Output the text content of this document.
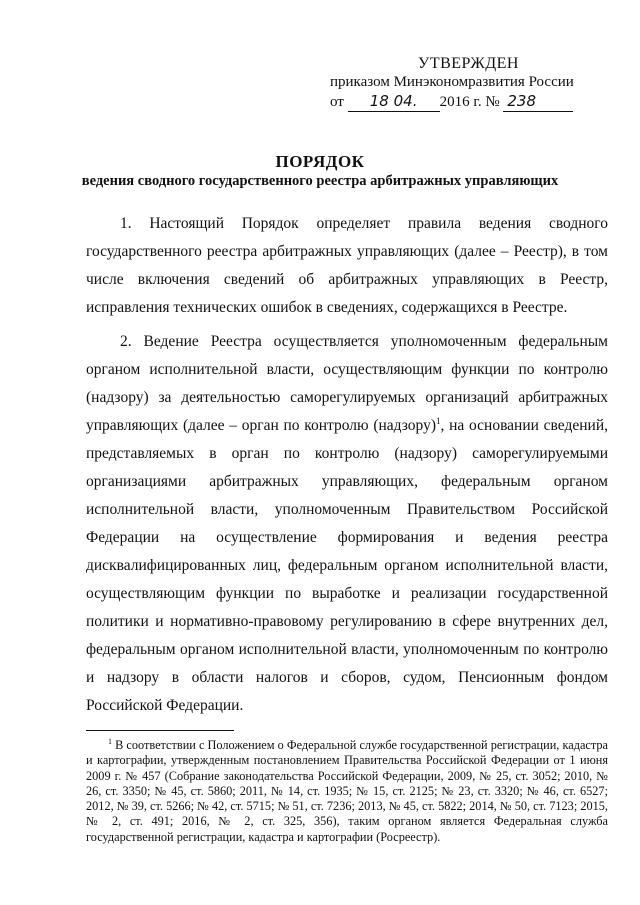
УТВЕРЖДЕН
приказом Минэкономразвития России
от 18 04. 2016 г. № 238
ПОРЯДОК
ведения сводного государственного реестра арбитражных управляющих

1. Настоящий Порядок определяет правила ведения сводного государственного реестра арбитражных управляющих (далее – Реестр), в том числе включения сведений об арбитражных управляющих в Реестр, исправления технических ошибок в сведениях, содержащихся в Реестре.

2. Ведение Реестра осуществляется уполномоченным федеральным органом исполнительной власти, осуществляющим функции по контролю (надзору) за деятельностью саморегулируемых организаций арбитражных управляющих (далее – орган по контролю (надзору)$^1$, на основании сведений, представляемых в орган по контролю (надзору) саморегулируемыми организациями арбитражных управляющих, федеральным органом исполнительной власти, уполномоченным Правительством Российской Федерации на осуществление формирования и ведения реестра дисквалифицированных лиц, федеральным органом исполнительной власти, осуществляющим функции по выработке и реализации государственной политики и нормативно-правовому регулированию в сфере внутренних дел, федеральным органом исполнительной власти, уполномоченным по контролю и надзору в области налогов и сборов, судом, Пенсионным фондом Российской Федерации.

$^1$ В соответствии с Положением о Федеральной службе государственной регистрации, кадастра и картографии, утвержденным постановлением Правительства Российской Федерации от 1 июня 2009 г. № 457 (Собрание законодательства Российской Федерации, 2009, № 25, ст. 3052; 2010, № 26, ст. 3350; № 45, ст. 5860; 2011, № 14, ст. 1935; № 15, ст. 2125; № 23, ст. 3320; № 46, ст. 6527; 2012, № 39, ст. 5266; № 42, ст. 5715; № 51, ст. 7236; 2013, № 45, ст. 5822; 2014, № 50, ст. 7123; 2015, № 2, ст. 491; 2016, № 2, ст. 325, 356), таким органом является Федеральная служба государственной регистрации, кадастра и картографии (Росреестр).
